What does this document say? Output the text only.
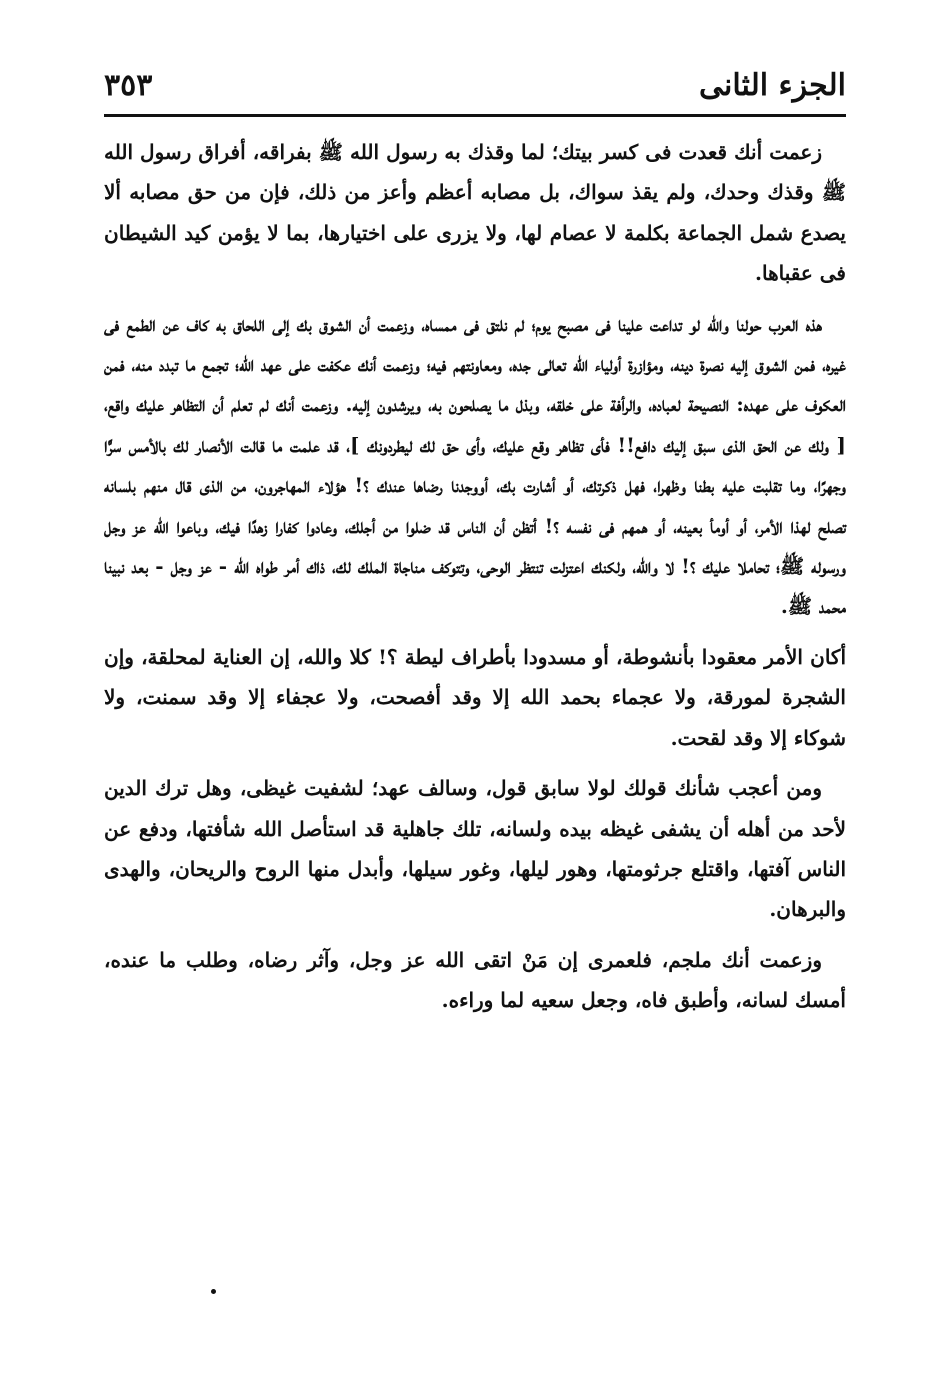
الجزء الثانى
٣٥٣

زعمت أنك قعدت فى كسر بيتك؛ لما وقذك به رسول الله ﷺ بفراقه، أفراق رسول الله ﷺ وقذك وحدك، ولم يقذ سواك، بل مصابه أعظم وأعز من ذلك، فإن من حق مصابه ألا يصدع شمل الجماعة بكلمة لا عصام لها، ولا يزرى على اختيارها، بما لا يؤمن كيد الشيطان فى عقباها.

هذه العرب حولنا والله لو تداعت علينا فى مصبح يوم؛ لم نلتق فى ممساه، وزعمت أن الشوق بك إلى اللحاق به كاف عن الطمع فى غيره، فمن الشوق إليه نصرة دينه، ومؤازرة أولياء الله تعالى جده، ومعاونتهم فيه؛ وزعمت أنك عكفت على عهد الله؛ تجمع ما تبدد منه، فمن العكوف على عهده: النصيحة لعباده، والرأفة على خلقه، وبذل ما يصلحون به، ويرشدون إليه. وزعمت أنك لم تعلم أن التظاهر عليك واقع، [ ولك عن الحق الذى سبق إليك دافع!! فأى تظاهر وقع عليك، وأى حق لك ليطردونك ]، قد علمت ما قالت الأنصار لك بالأمس سرًّا وجهرًا، وما تقلبت عليه بطنا وظهرا، فهل ذكرتك، أو أشارت بك، أووجدنا رضاها عندك ؟! هؤلاء المهاجرون، من الذى قال منهم بلسانه تصلح لهذا الأمر، أو أومأ بعينه، أو همهم فى نفسه ؟! أتظن أن الناس قد ضلوا من أجلك، وعادوا كفارا زهدًا فيك، وباعوا الله عز وجل ورسوله ﷺ؛ تحاملا عليك ؟! لا والله، ولكنك اعتزلت تنتظر الوحى، وتتوكف مناجاة الملك لك، ذاك أمر طواه الله - عز وجل - بعد نبينا محمد ﷺ.

أكان الأمر معقودا بأنشوطة، أو مسدودا بأطراف ليطة ؟! كلا والله، إن العناية لمحلقة، وإن الشجرة لمورقة، ولا عجماء بحمد الله إلا وقد أفصحت، ولا عجفاء إلا وقد سمنت، ولا شوكاء إلا وقد لقحت.

ومن أعجب شأنك قولك لولا سابق قول، وسالف عهد؛ لشفيت غيظى، وهل ترك الدين لأحد من أهله أن يشفى غيظه بيده ولسانه، تلك جاهلية قد استأصل الله شأفتها، ودفع عن الناس آفتها، واقتلع جرثومتها، وهور ليلها، وغور سيلها، وأبدل منها الروح والريحان، والهدى والبرهان.

وزعمت أنك ملجم، فلعمرى إن مَنْ اتقى الله عز وجل، وآثر رضاه، وطلب ما عنده، أمسك لسانه، وأطبق فاه، وجعل سعيه لما وراءه.
